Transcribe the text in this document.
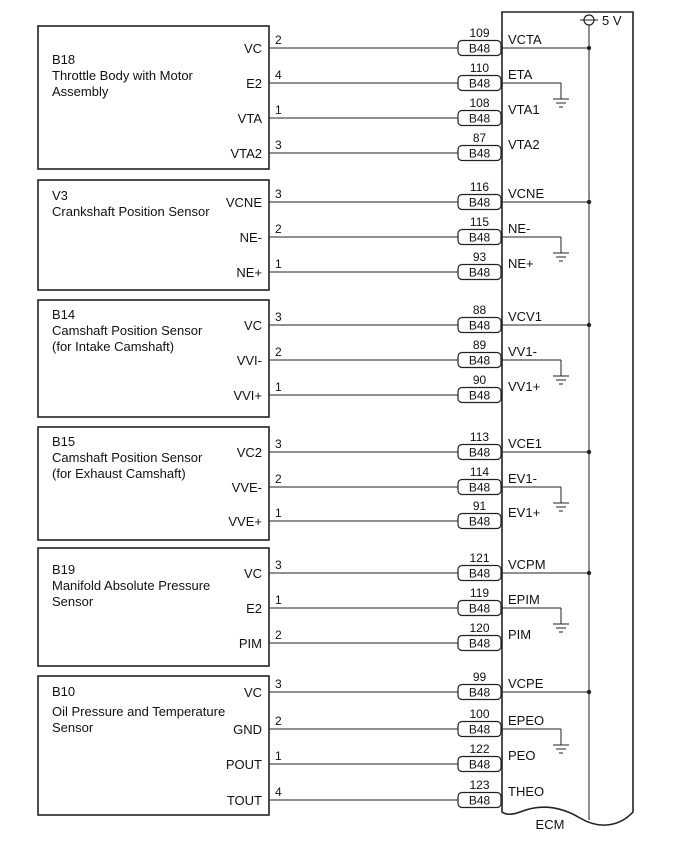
5 V
ECM
B18
Throttle Body with Motor
Assembly
B48
VC
2	109 VCTA
B48
E2
4	110 ETA
B48
VTA
1	108 VTA1
B48
VTA2
3	87 VTA2
V3
Crankshaft Position Sensor
B48
VCNE
3	116 VCNE
B48
NE-
2	115 NE-
B48
NE+
1	93 NE+
B14
Camshaft Position Sensor
(for Intake Camshaft)
B48
VC
3	88 VCV1
B48
VVI-
2	89 VV1-
B48
VVI+
1	90 VV1+
B15
Camshaft Position Sensor
(for Exhaust Camshaft)
B48
VC2
3	113 VCE1
B48
VVE-
2	114 EV1-
B48
VVE+
1	91 EV1+
B19
Manifold Absolute Pressure
Sensor
B48
VC
3	121 VCPM
B48
E2
1	119 EPIM
B48
PIM
2	120 PIM
B10
Oil Pressure and Temperature
Sensor
B48
VC
3	99 VCPE
B48
GND
2	100 EPEO
B48
POUT
1	122 PEO
B48
TOUT
4	123 THEO
